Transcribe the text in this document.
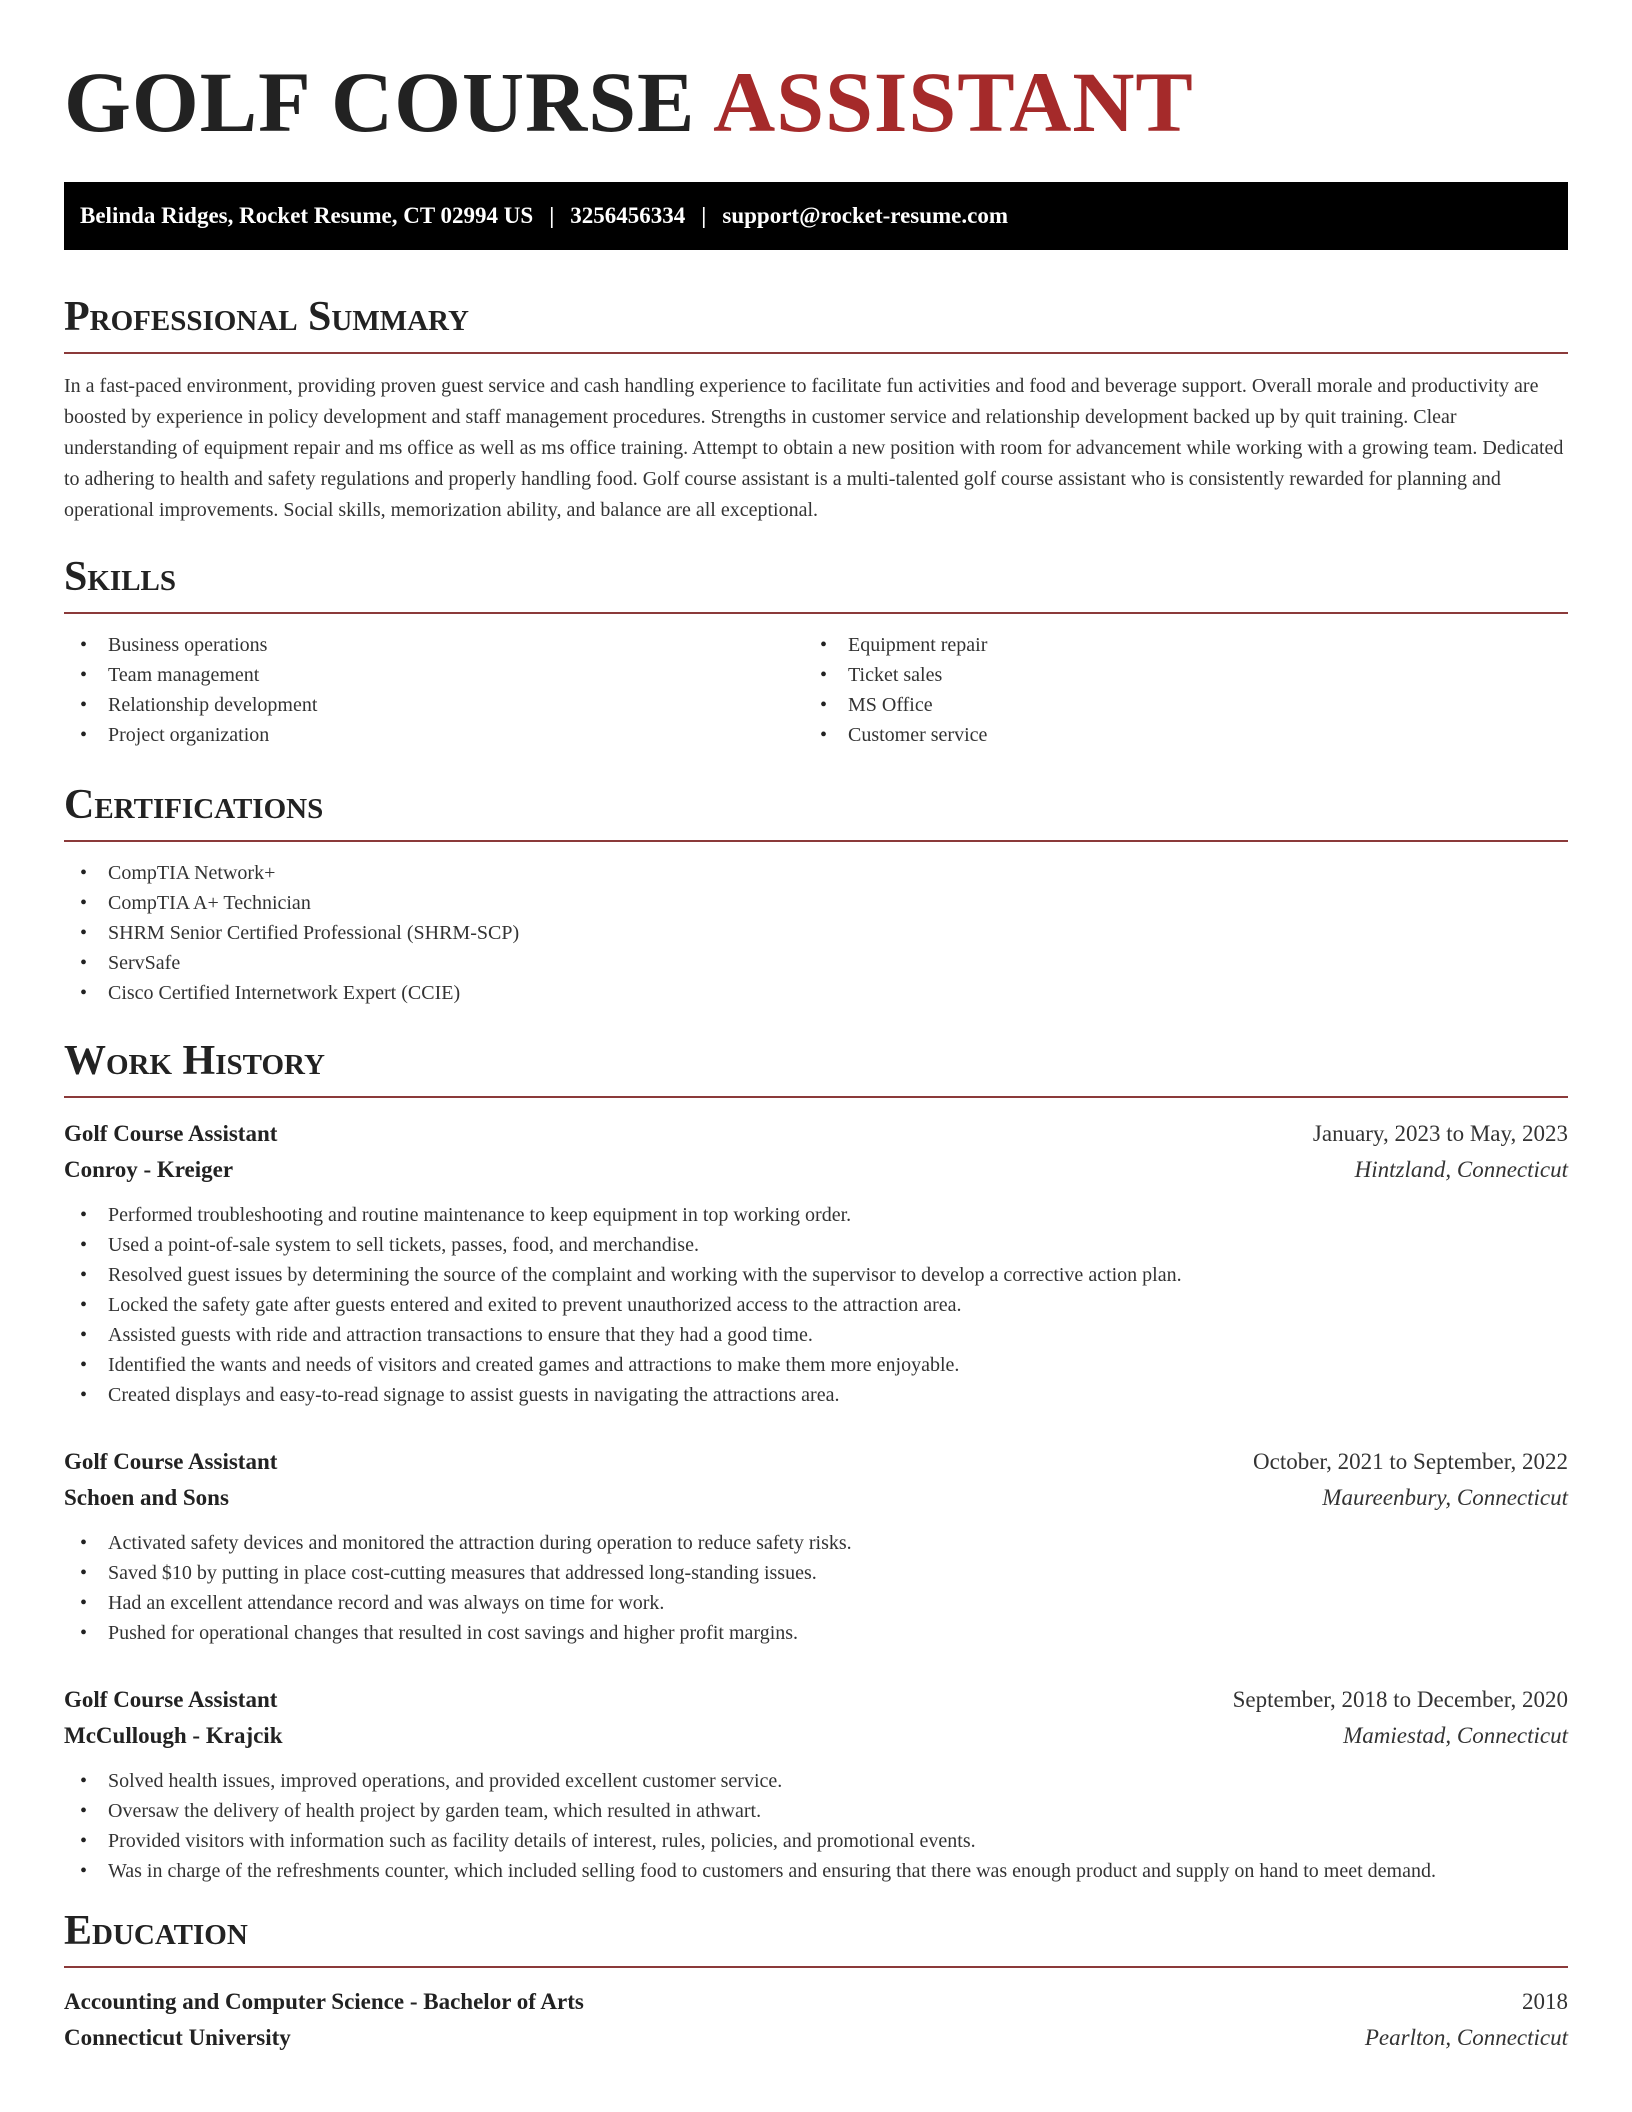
GOLF COURSE ASSISTANT
Belinda Ridges, Rocket Resume, CT 02994 US | 3256456334 | support@rocket-resume.com
Professional Summary

In a fast-paced environment, providing proven guest service and cash handling experience to facilitate fun activities and food and beverage support. Overall morale and productivity are boosted by experience in policy development and staff management procedures. Strengths in customer service and relationship development backed up by quit training. Clear understanding of equipment repair and ms office as well as ms office training. Attempt to obtain a new position with room for advancement while working with a growing team. Dedicated to adhering to health and safety regulations and properly handling food. Golf course assistant is a multi-talented golf course assistant who is consistently rewarded for planning and operational improvements. Social skills, memorization ability, and balance are all exceptional.

Skills
• Business operations
• Team management
• Relationship development
• Project organization
• Equipment repair
• Ticket sales
• MS Office
• Customer service
Certifications
• CompTIA Network+
• CompTIA A+ Technician
• SHRM Senior Certified Professional (SHRM-SCP)
• ServSafe
• Cisco Certified Internetwork Expert (CCIE)
Work History
Golf Course Assistant	January, 2023 to May, 2023
Conroy - Kreiger	Hintzland, Connecticut
• Performed troubleshooting and routine maintenance to keep equipment in top working order.
• Used a point-of-sale system to sell tickets, passes, food, and merchandise.
• Resolved guest issues by determining the source of the complaint and working with the supervisor to develop a corrective action plan.
• Locked the safety gate after guests entered and exited to prevent unauthorized access to the attraction area.
• Assisted guests with ride and attraction transactions to ensure that they had a good time.
• Identified the wants and needs of visitors and created games and attractions to make them more enjoyable.
• Created displays and easy-to-read signage to assist guests in navigating the attractions area.
Golf Course Assistant	October, 2021 to September, 2022
Schoen and Sons	Maureenbury, Connecticut
• Activated safety devices and monitored the attraction during operation to reduce safety risks.
• Saved $10 by putting in place cost-cutting measures that addressed long-standing issues.
• Had an excellent attendance record and was always on time for work.
• Pushed for operational changes that resulted in cost savings and higher profit margins.
Golf Course Assistant	September, 2018 to December, 2020
McCullough - Krajcik	Mamiestad, Connecticut
• Solved health issues, improved operations, and provided excellent customer service.
• Oversaw the delivery of health project by garden team, which resulted in athwart.
• Provided visitors with information such as facility details of interest, rules, policies, and promotional events.
• Was in charge of the refreshments counter, which included selling food to customers and ensuring that there was enough product and supply on hand to meet demand.
Education
Accounting and Computer Science - Bachelor of Arts	2018
Connecticut University	Pearlton, Connecticut
